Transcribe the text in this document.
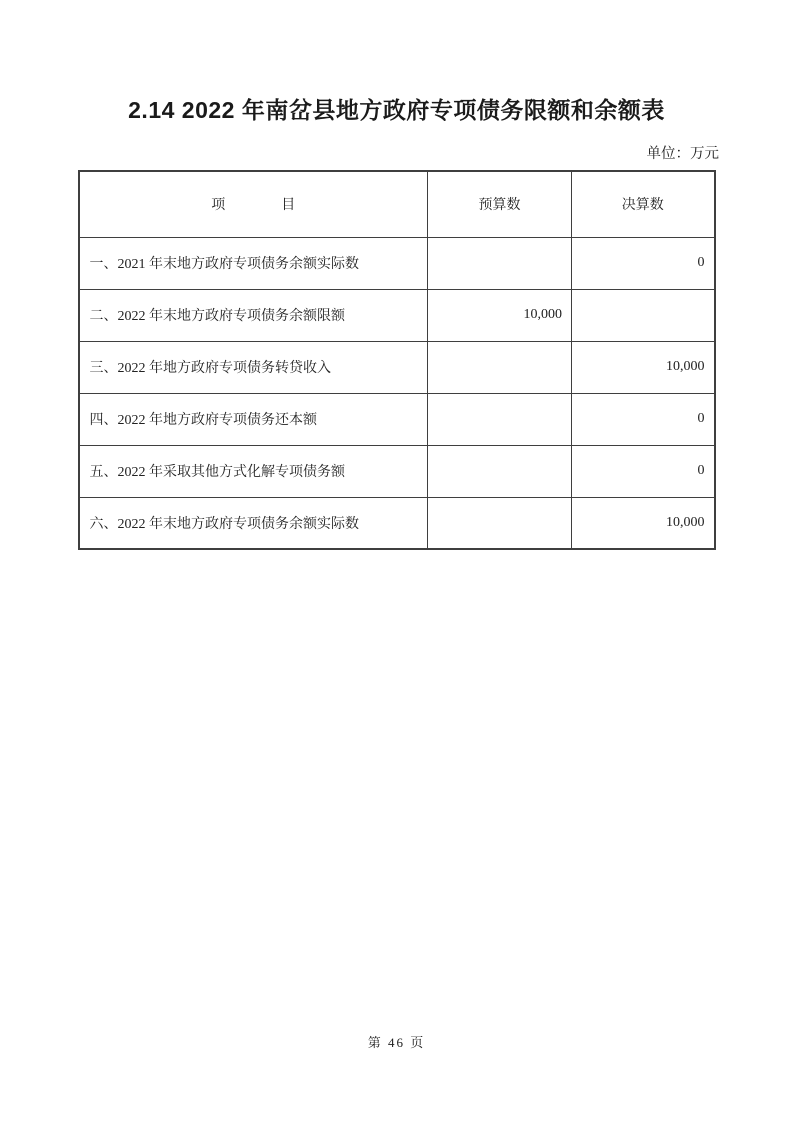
2.14 2022 年南岔县地方政府专项债务限额和余额表
单位：万元
项　　　　目	预算数	决算数
一、2021 年末地方政府专项债务余额实际数		0
二、2022 年末地方政府专项债务余额限额	10,000	
三、2022 年地方政府专项债务转贷收入		10,000
四、2022 年地方政府专项债务还本额		0
五、2022 年采取其他方式化解专项债务额		0
六、2022 年末地方政府专项债务余额实际数		10,000
第 46 页
